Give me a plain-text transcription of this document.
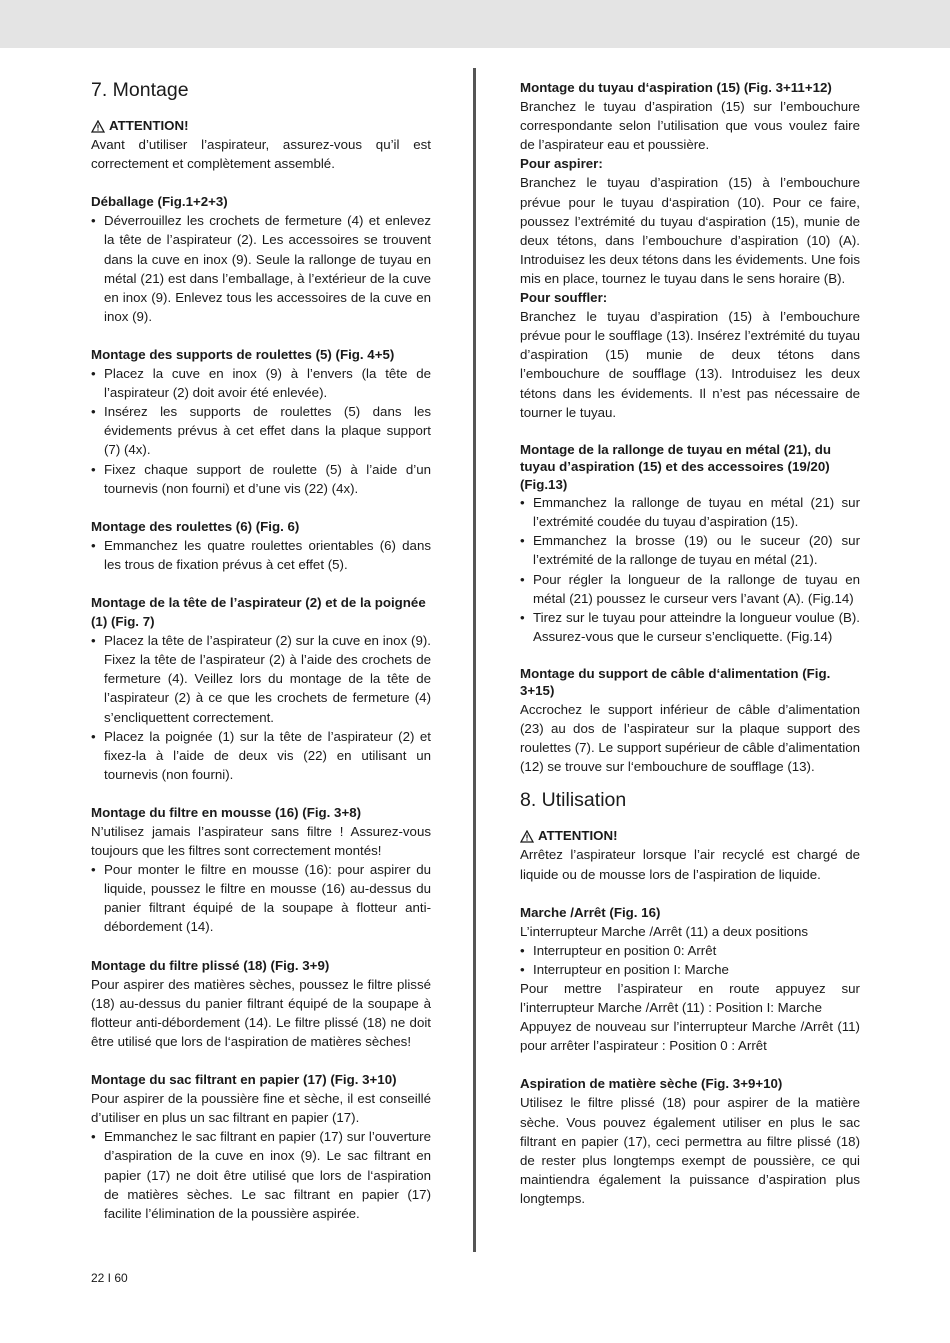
7. Montage
ATTENTION!

Avant d’utiliser l’aspirateur, assurez-vous qu’il est correctement et complètement assemblé.

Déballage (Fig.1+2+3)

• Déverrouillez les crochets de fermeture (4) et enlevez la tête de l’aspirateur (2). Les accessoires se trouvent dans la cuve en inox (9). Seule la rallonge de tuyau en métal (21) est dans l’emballage, à l’extérieur de la cuve en inox (9). Enlevez tous les accessoires de la cuve en inox (9).

Montage des supports de roulettes (5) (Fig. 4+5)

• Placez la cuve en inox (9) à l’envers (la tête de l’aspirateur (2) doit avoir été enlevée).
• Insérez les supports de roulettes (5) dans les évidements prévus à cet effet dans la plaque support (7) (4x).
• Fixez chaque support de roulette (5) à l’aide d’un tournevis (non fourni) et d’une vis (22) (4x).

Montage des roulettes (6) (Fig. 6)

• Emmanchez les quatre roulettes orientables (6) dans les trous de fixation prévus à cet effet (5).

Montage de la tête de l’aspirateur (2) et de la poignée (1) (Fig. 7)

• Placez la tête de l’aspirateur (2) sur la cuve en inox (9). Fixez la tête de l’aspirateur (2) à l’aide des crochets de fermeture (4). Veillez lors du montage de la tête de l’aspirateur (2) à ce que les crochets de fermeture (4) s’encliquettent correctement.
• Placez la poignée (1) sur la tête de l’aspirateur (2) et fixez-la à l’aide de deux vis (22) en utilisant un tournevis (non fourni).

Montage du filtre en mousse (16) (Fig. 3+8)

N’utilisez jamais l’aspirateur sans filtre ! Assurez-vous toujours que les filtres sont correctement montés!

• Pour monter le filtre en mousse (16): pour aspirer du liquide, poussez le filtre en mousse (16) au-dessus du panier filtrant équipé de la soupape à flotteur anti-débordement (14).

Montage du filtre plissé (18) (Fig. 3+9)

Pour aspirer des matières sèches, poussez le filtre plissé (18) au-dessus du panier filtrant équipé de la soupape à flotteur anti-débordement (14). Le filtre plissé (18) ne doit être utilisé que lors de l‘aspiration de matières sèches!

Montage du sac filtrant en papier (17) (Fig. 3+10)

Pour aspirer de la poussière fine et sèche, il est conseillé d’utiliser en plus un sac filtrant en papier (17).

• Emmanchez le sac filtrant en papier (17) sur l’ouverture d’aspiration de la cuve en inox (9). Le sac filtrant en papier (17) ne doit être utilisé que lors de l‘aspiration de matières sèches. Le sac filtrant en papier (17) facilite l’élimination de la poussière aspirée.

Montage du tuyau d‘aspiration (15) (Fig. 3+11+12)

Branchez le tuyau d’aspiration (15) sur l’embouchure correspondante selon l’utilisation que vous voulez faire de l’aspirateur eau et poussière.

Pour aspirer:

Branchez le tuyau d’aspiration (15) à l’embouchure prévue pour le tuyau d‘aspiration (10). Pour ce faire, poussez l’extrémité du tuyau d‘aspiration (15), munie de deux tétons, dans l’embouchure d’aspiration (10) (A). Introduisez les deux tétons dans les évidements. Une fois mis en place, tournez le tuyau dans le sens horaire (B).

Pour souffler:

Branchez le tuyau d’aspiration (15) à l’embouchure prévue pour le soufflage (13). Insérez l’extrémité du tuyau d’aspiration (15) munie de deux tétons dans l’embouchure de soufflage (13). Introduisez les deux tétons dans les évidements. Il n’est pas nécessaire de tourner le tuyau.

Montage de la rallonge de tuyau en métal (21), du tuyau d’aspiration (15) et des accessoires (19/20) (Fig.13)

• Emmanchez la rallonge de tuyau en métal (21) sur l’extrémité coudée du tuyau d’aspiration (15).
• Emmanchez la brosse (19) ou le suceur (20) sur l’extrémité de la rallonge de tuyau en métal (21).
• Pour régler la longueur de la rallonge de tuyau en métal (21) poussez le curseur vers l’avant (A). (Fig.14)
• Tirez sur le tuyau pour atteindre la longueur voulue (B). Assurez-vous que le curseur s’encliquette. (Fig.14)

Montage du support de câble d‘alimentation (Fig. 3+15)

Accrochez le support inférieur de câble d’alimentation (23) au dos de l’aspirateur sur la plaque support des roulettes (7). Le support supérieur de câble d’alimentation (12) se trouve sur l‘embouchure de soufflage (13).

8. Utilisation
ATTENTION!

Arrêtez l’aspirateur lorsque l’air recyclé est chargé de liquide ou de mousse lors de l’aspiration de liquide.

Marche /Arrêt (Fig. 16)

L’interrupteur Marche /Arrêt (11) a deux positions

• Interrupteur en position 0: Arrêt
• Interrupteur en position I: Marche

Pour mettre l’aspirateur en route appuyez sur l’interrupteur Marche /Arrêt (11) : Position I: Marche

Appuyez de nouveau sur l’interrupteur Marche /Arrêt (11) pour arrêter l’aspirateur : Position 0 : Arrêt

Aspiration de matière sèche (Fig. 3+9+10)

Utilisez le filtre plissé (18) pour aspirer de la matière sèche. Vous pouvez également utiliser en plus le sac filtrant en papier (17), ceci permettra au filtre plissé (18) de rester plus longtemps exempt de poussière, ce qui maintiendra également la puissance d’aspiration plus longtemps.

22 I 60
